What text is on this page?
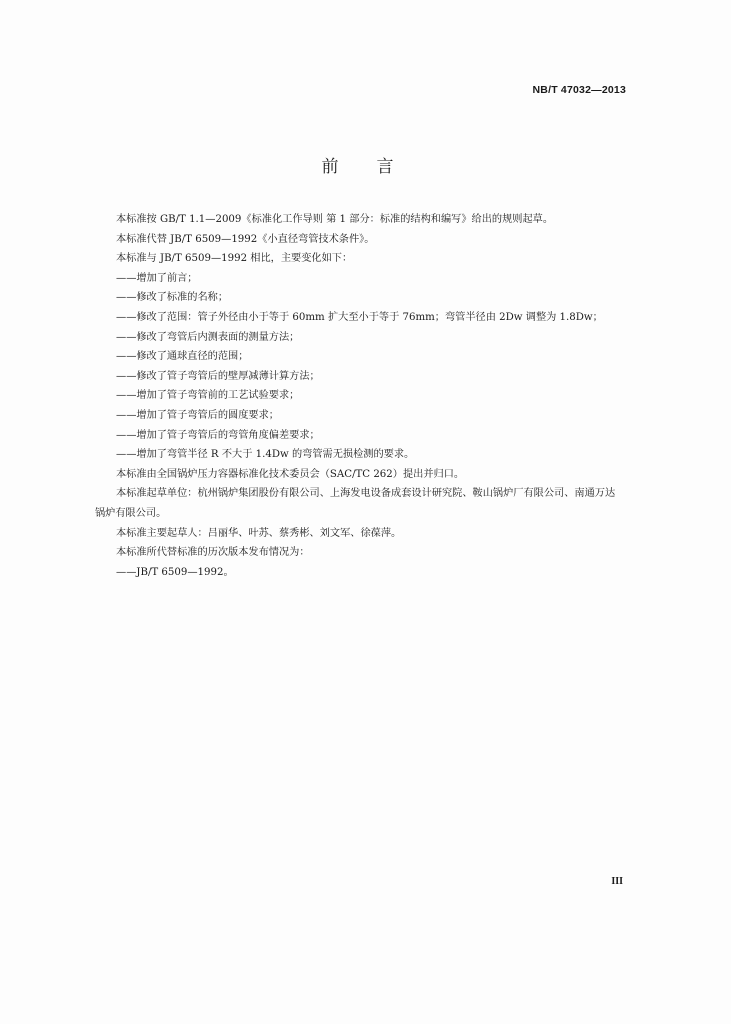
NB/T 47032—2013
前言

本标准按 GB/T 1.1—2009《标准化工作导则 第 1 部分：标准的结构和编写》给出的规则起草。

本标准代替 JB/T 6509—1992《小直径弯管技术条件》。

本标准与 JB/T 6509—1992 相比，主要变化如下：

——增加了前言；

——修改了标准的名称；

——修改了范围：管子外径由小于等于 60mm 扩大至小于等于 76mm；弯管半径由 2Dw 调整为 1.8Dw；

——修改了弯管后内测表面的测量方法；

——修改了通球直径的范围；

——修改了管子弯管后的壁厚减薄计算方法；

——增加了管子弯管前的工艺试验要求；

——增加了管子弯管后的圆度要求；

——增加了管子弯管后的弯管角度偏差要求；

——增加了弯管半径 R 不大于 1.4Dw 的弯管需无损检测的要求。

本标准由全国锅炉压力容器标准化技术委员会（SAC/TC 262）提出并归口。

本标准起草单位：杭州锅炉集团股份有限公司、上海发电设备成套设计研究院、鞍山锅炉厂有限公司、南通万达锅炉有限公司。

本标准主要起草人：吕丽华、叶苏、蔡秀彬、刘文军、徐葆萍。

本标准所代替标准的历次版本发布情况为：

——JB/T 6509—1992。

III
